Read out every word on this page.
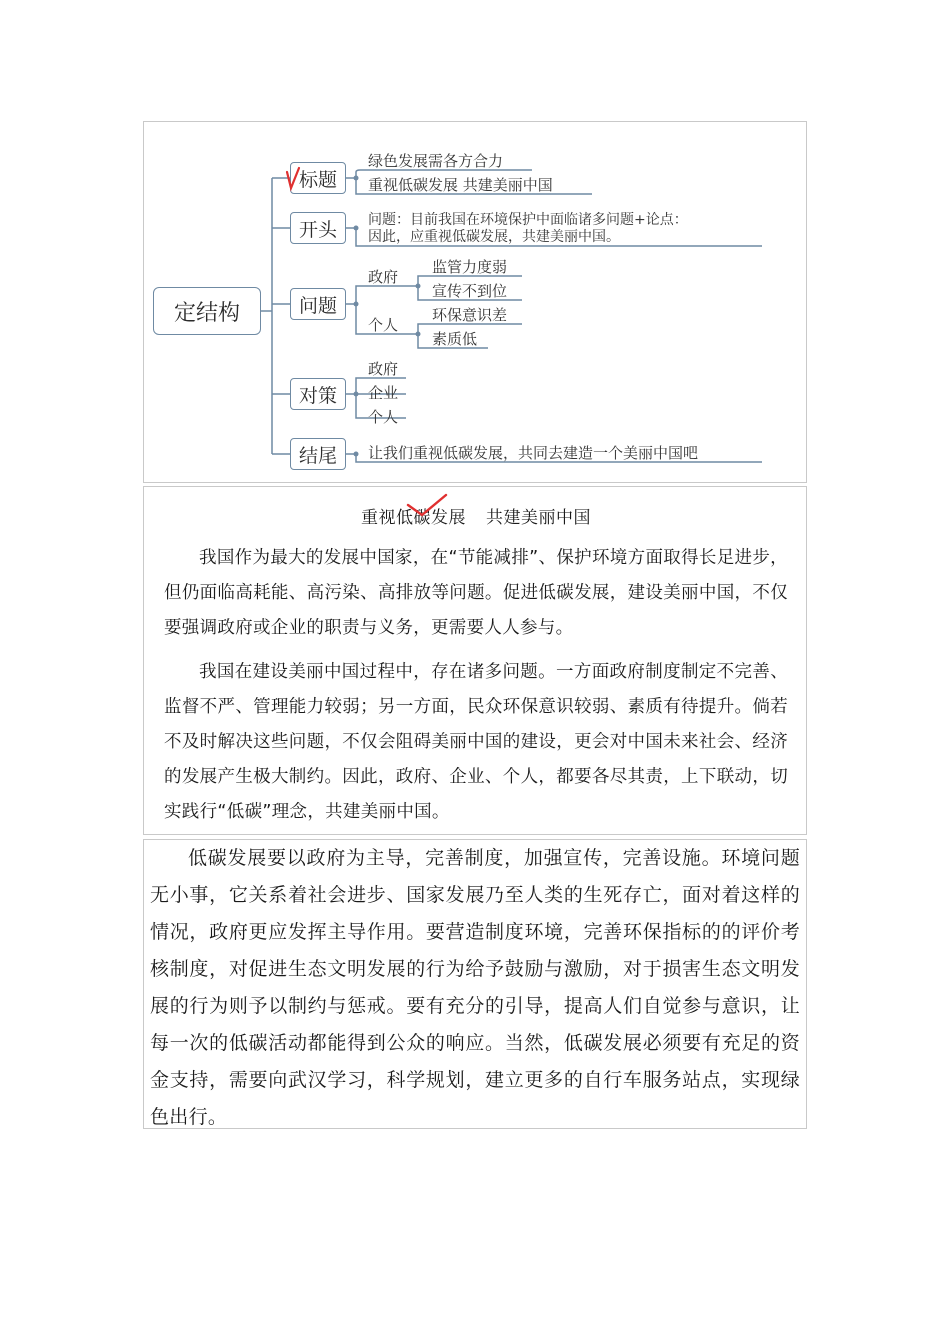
定结构
标题
开头
问题
对策
结尾
绿色发展需各方合力
重视低碳发展 共建美丽中国
问题：目前我国在环境保护中面临诸多问题+论点：
因此，应重视低碳发展，共建美丽中国。
政府
监管力度弱
宣传不到位
个人
环保意识差
素质低
政府
企业
个人
让我们重视低碳发展，共同去建造一个美丽中国吧
重视低碳发展 共建美丽中国
我国作为最大的发展中国家，在“节能减排”、保护环境方面取得长足进步，但仍面临高耗能、高污染、高排放等问题。促进低碳发展，建设美丽中国，不仅要强调政府或企业的职责与义务，更需要人人参与。
我国在建设美丽中国过程中，存在诸多问题。一方面政府制度制定不完善、监督不严、管理能力较弱；另一方面，民众环保意识较弱、素质有待提升。倘若不及时解决这些问题，不仅会阻碍美丽中国的建设，更会对中国未来社会、经济的发展产生极大制约。因此，政府、企业、个人，都要各尽其责，上下联动，切实践行“低碳”理念，共建美丽中国。
低碳发展要以政府为主导，完善制度，加强宣传，完善设施。环境问题无小事，它关系着社会进步、国家发展乃至人类的生死存亡，面对着这样的情况，政府更应发挥主导作用。要营造制度环境，完善环保指标的的评价考核制度，对促进生态文明发展的行为给予鼓励与激励，对于损害生态文明发展的行为则予以制约与惩戒。要有充分的引导，提高人们自觉参与意识，让每一次的低碳活动都能得到公众的响应。当然，低碳发展必须要有充足的资金支持，需要向武汉学习，科学规划，建立更多的自行车服务站点，实现绿色出行。
